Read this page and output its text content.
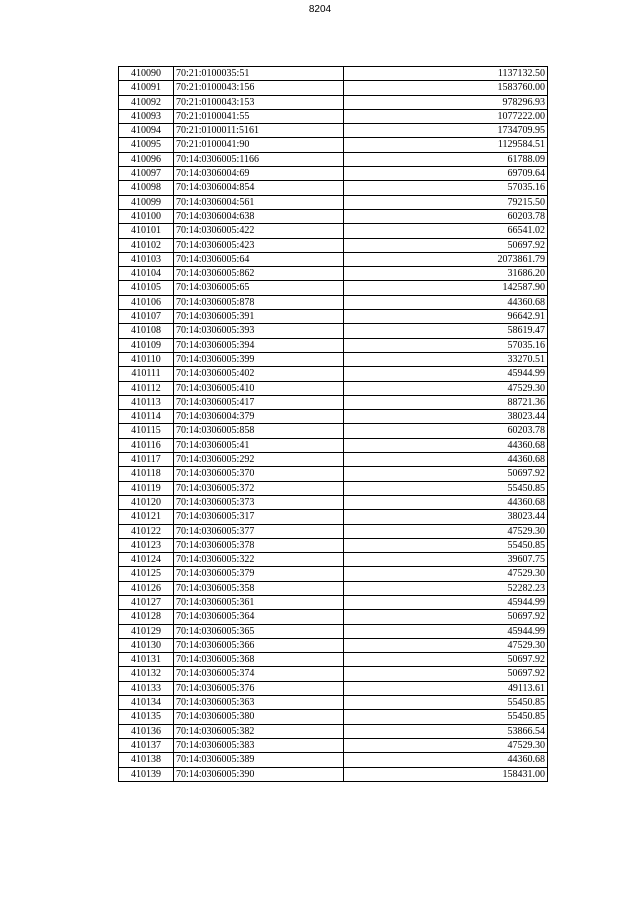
8204
410090	70:21:0100035:51	1137132.50
410091	70:21:0100043:156	1583760.00
410092	70:21:0100043:153	978296.93
410093	70:21:0100041:55	1077222.00
410094	70:21:0100011:5161	1734709.95
410095	70:21:0100041:90	1129584.51
410096	70:14:0306005:1166	61788.09
410097	70:14:0306004:69	69709.64
410098	70:14:0306004:854	57035.16
410099	70:14:0306004:561	79215.50
410100	70:14:0306004:638	60203.78
410101	70:14:0306005:422	66541.02
410102	70:14:0306005:423	50697.92
410103	70:14:0306005:64	2073861.79
410104	70:14:0306005:862	31686.20
410105	70:14:0306005:65	142587.90
410106	70:14:0306005:878	44360.68
410107	70:14:0306005:391	96642.91
410108	70:14:0306005:393	58619.47
410109	70:14:0306005:394	57035.16
410110	70:14:0306005:399	33270.51
410111	70:14:0306005:402	45944.99
410112	70:14:0306005:410	47529.30
410113	70:14:0306005:417	88721.36
410114	70:14:0306004:379	38023.44
410115	70:14:0306005:858	60203.78
410116	70:14:0306005:41	44360.68
410117	70:14:0306005:292	44360.68
410118	70:14:0306005:370	50697.92
410119	70:14:0306005:372	55450.85
410120	70:14:0306005:373	44360.68
410121	70:14:0306005:317	38023.44
410122	70:14:0306005:377	47529.30
410123	70:14:0306005:378	55450.85
410124	70:14:0306005:322	39607.75
410125	70:14:0306005:379	47529.30
410126	70:14:0306005:358	52282.23
410127	70:14:0306005:361	45944.99
410128	70:14:0306005:364	50697.92
410129	70:14:0306005:365	45944.99
410130	70:14:0306005:366	47529.30
410131	70:14:0306005:368	50697.92
410132	70:14:0306005:374	50697.92
410133	70:14:0306005:376	49113.61
410134	70:14:0306005:363	55450.85
410135	70:14:0306005:380	55450.85
410136	70:14:0306005:382	53866.54
410137	70:14:0306005:383	47529.30
410138	70:14:0306005:389	44360.68
410139	70:14:0306005:390	158431.00
